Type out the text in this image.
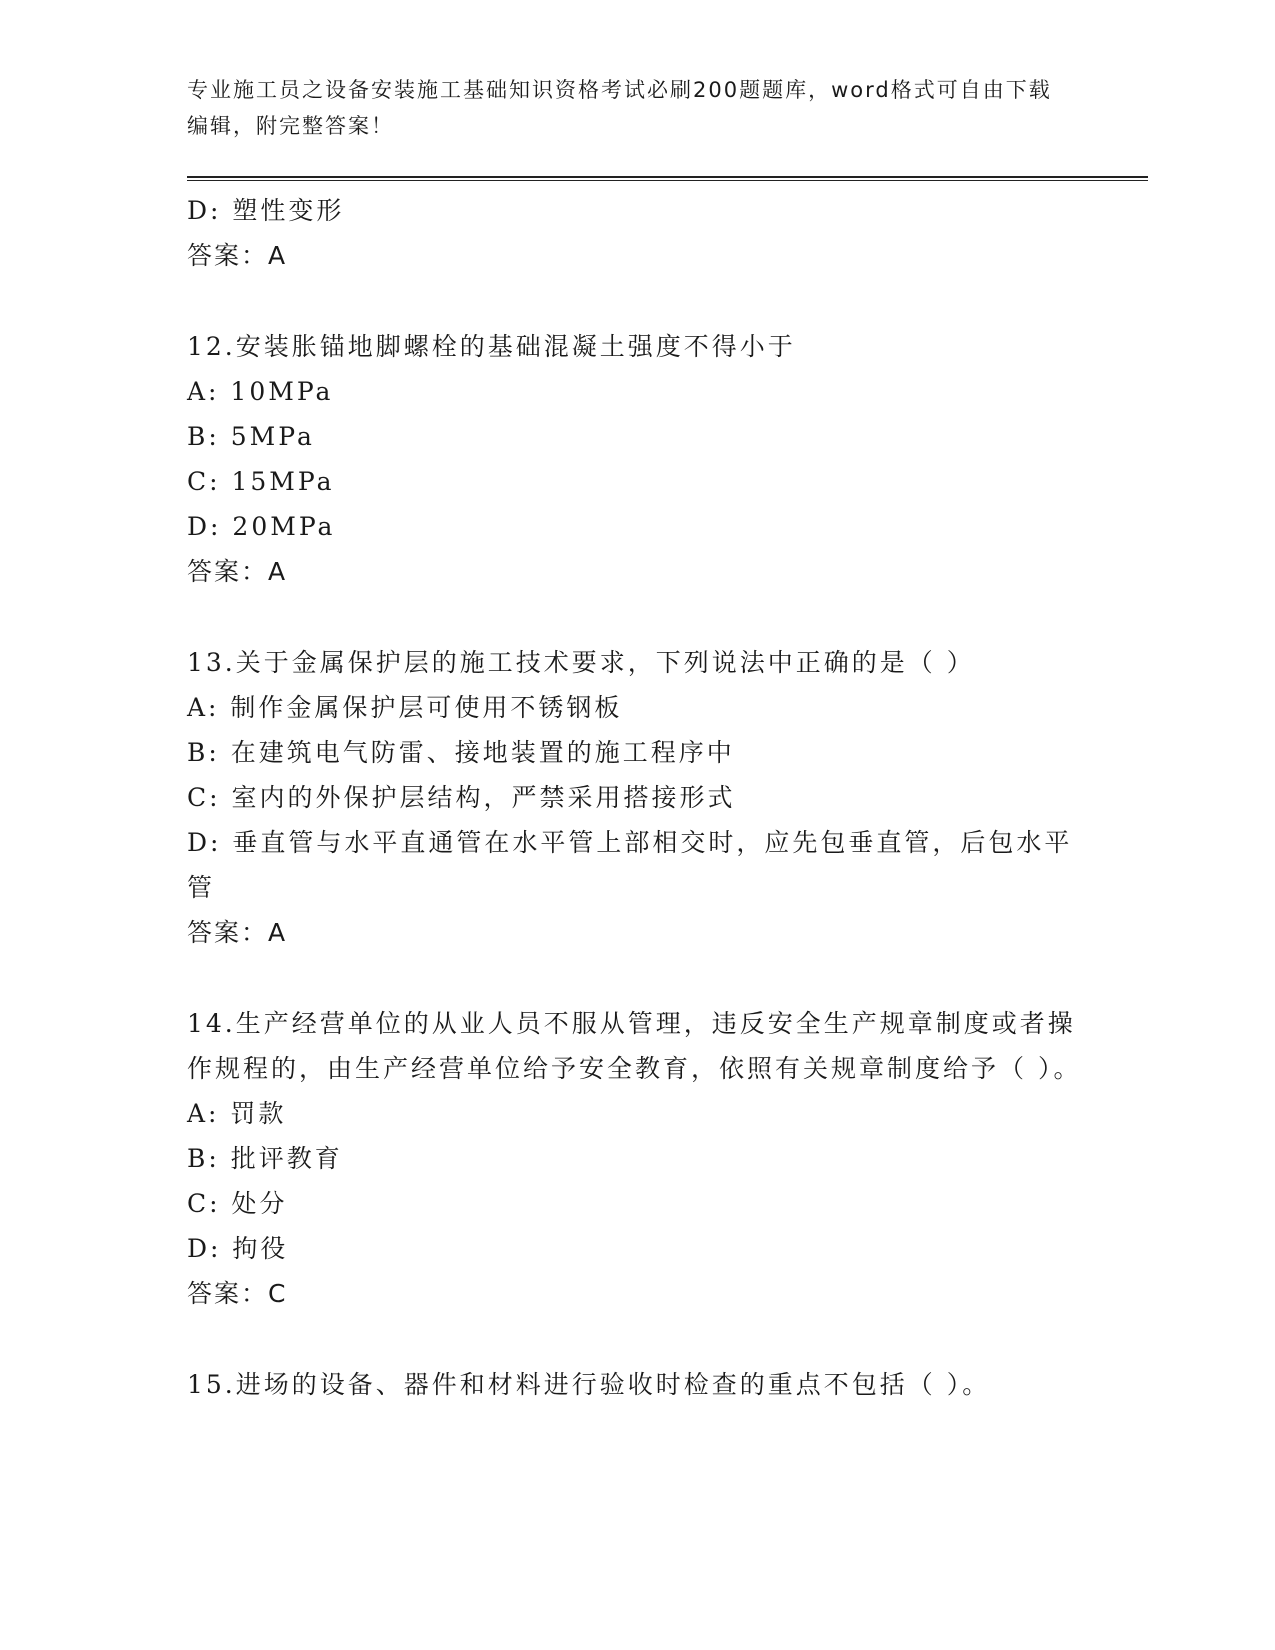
专业施工员之设备安装施工基础知识资格考试必刷200题题库，word格式可自由下载编辑，附完整答案！
D: 塑性变形
答案：A
12.安装胀锚地脚螺栓的基础混凝土强度不得小于
A: 10MPa
B: 5MPa
C: 15MPa
D: 20MPa
答案：A
13.关于金属保护层的施工技术要求，下列说法中正确的是（ ）
A: 制作金属保护层可使用不锈钢板
B: 在建筑电气防雷、接地装置的施工程序中
C: 室内的外保护层结构，严禁采用搭接形式
D: 垂直管与水平直通管在水平管上部相交时，应先包垂直管，后包水平管
答案：A
14.生产经营单位的从业人员不服从管理，违反安全生产规章制度或者操作规程的，由生产经营单位给予安全教育，依照有关规章制度给予（ ）。
A: 罚款
B: 批评教育
C: 处分
D: 拘役
答案：C
15.进场的设备、器件和材料进行验收时检查的重点不包括（ ）。
